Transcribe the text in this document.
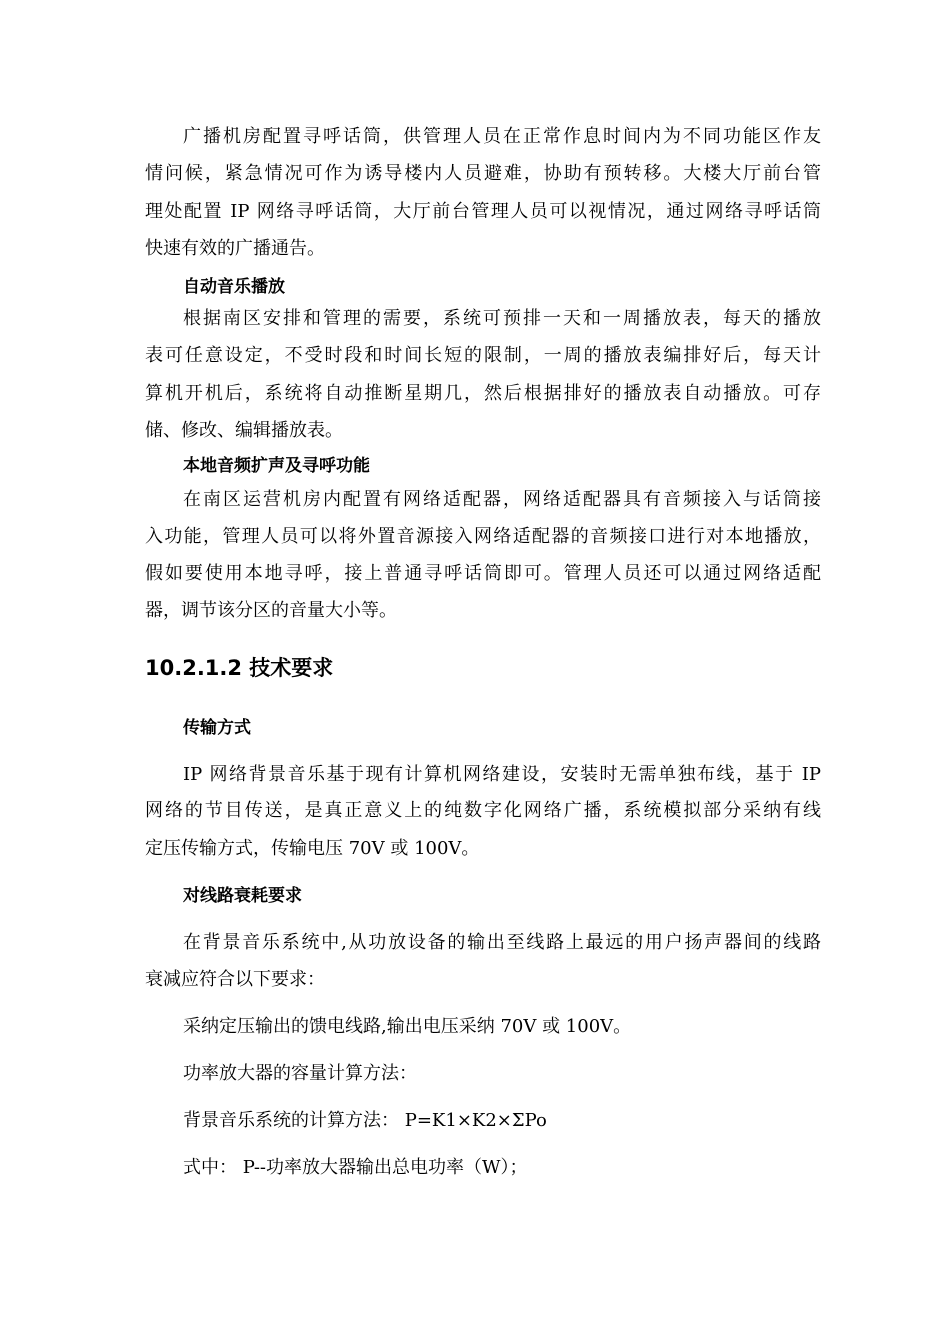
广播机房配置寻呼话筒，供管理人员在正常作息时间内为不同功能区作友
情问候，紧急情况可作为诱导楼内人员避难，协助有预转移。大楼大厅前台管
理处配置 IP 网络寻呼话筒，大厅前台管理人员可以视情况，通过网络寻呼话筒
快速有效的广播通告。
自动音乐播放
根据南区安排和管理的需要，系统可预排一天和一周播放表，每天的播放
表可任意设定，不受时段和时间长短的限制，一周的播放表编排好后，每天计
算机开机后，系统将自动推断星期几，然后根据排好的播放表自动播放。可存
储、修改、编辑播放表。
本地音频扩声及寻呼功能
在南区运营机房内配置有网络适配器，网络适配器具有音频接入与话筒接
入功能，管理人员可以将外置音源接入网络适配器的音频接口进行对本地播放，
假如要使用本地寻呼，接上普通寻呼话筒即可。管理人员还可以通过网络适配
器，调节该分区的音量大小等。
10.2.1.2 技术要求
传输方式
IP 网络背景音乐基于现有计算机网络建设，安装时无需单独布线，基于 IP
网络的节目传送，是真正意义上的纯数字化网络广播，系统模拟部分采纳有线
定压传输方式，传输电压 70V 或 100V。
对线路衰耗要求
在背景音乐系统中,从功放设备的输出至线路上最远的用户扬声器间的线路
衰减应符合以下要求：
采纳定压输出的馈电线路,输出电压采纳 70V 或 100V。
功率放大器的容量计算方法：
背景音乐系统的计算方法： P=K1×K2×ΣPo
式中： P--功率放大器输出总电功率（W）；
